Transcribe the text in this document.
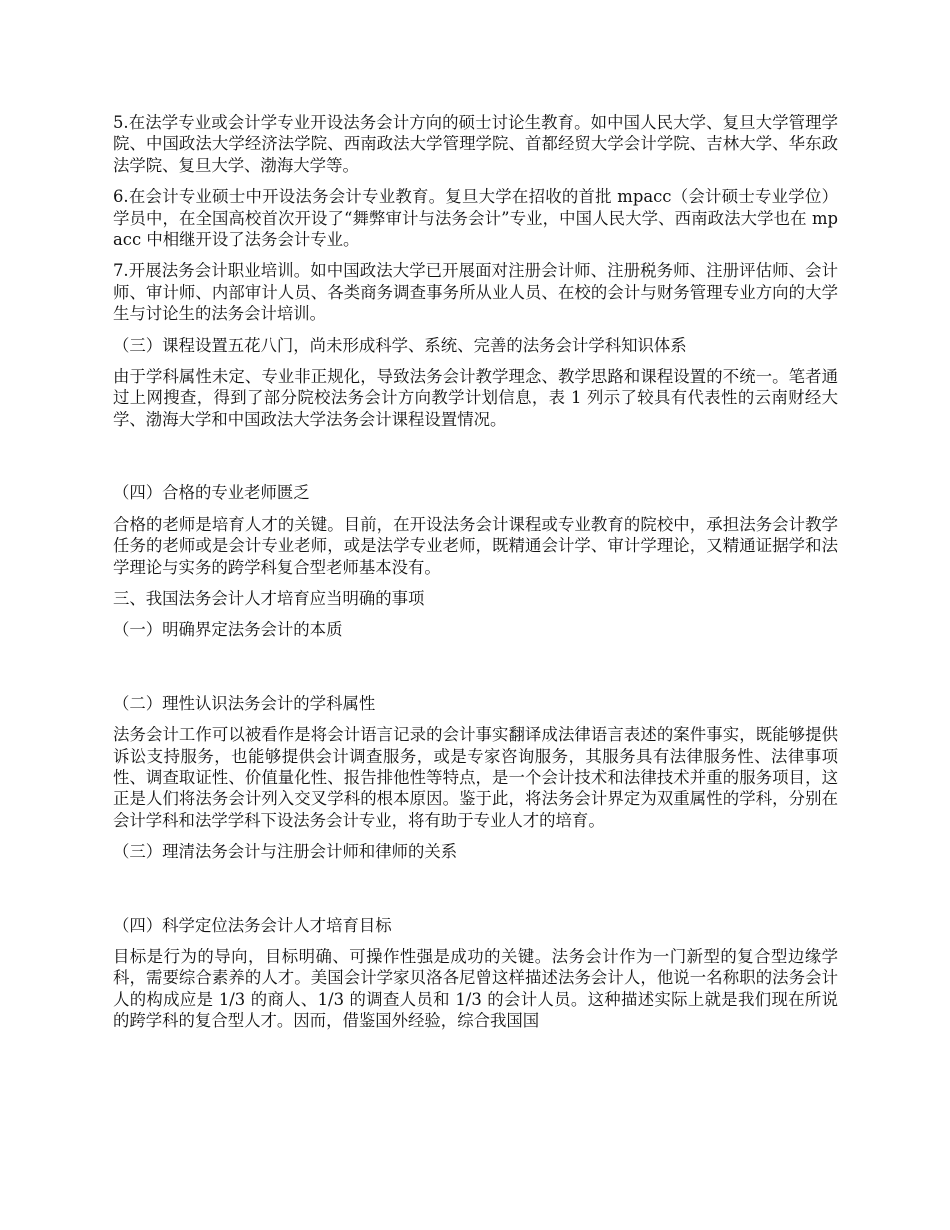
5.在法学专业或会计学专业开设法务会计方向的硕士讨论生教育。如中国人民大学、复旦大学管理学院、中国政法大学经济法学院、西南政法大学管理学院、首都经贸大学会计学院、吉林大学、华东政法学院、复旦大学、渤海大学等。

6.在会计专业硕士中开设法务会计专业教育。复旦大学在招收的首批 mpacc（会计硕士专业学位）学员中，在全国高校首次开设了“舞弊审计与法务会计”专业，中国人民大学、西南政法大学也在 mpacc 中相继开设了法务会计专业。

7.开展法务会计职业培训。如中国政法大学已开展面对注册会计师、注册税务师、注册评估师、会计师、审计师、内部审计人员、各类商务调查事务所从业人员、在校的会计与财务管理专业方向的大学生与讨论生的法务会计培训。

（三）课程设置五花八门，尚未形成科学、系统、完善的法务会计学科知识体系

由于学科属性未定、专业非正规化，导致法务会计教学理念、教学思路和课程设置的不统一。笔者通过上网搜查，得到了部分院校法务会计方向教学计划信息，表 1 列示了较具有代表性的云南财经大学、渤海大学和中国政法大学法务会计课程设置情况。

（四）合格的专业老师匮乏

合格的老师是培育人才的关键。目前，在开设法务会计课程或专业教育的院校中，承担法务会计教学任务的老师或是会计专业老师，或是法学专业老师，既精通会计学、审计学理论，又精通证据学和法学理论与实务的跨学科复合型老师基本没有。

三、我国法务会计人才培育应当明确的事项

（一）明确界定法务会计的本质

（二）理性认识法务会计的学科属性

法务会计工作可以被看作是将会计语言记录的会计事实翻译成法律语言表述的案件事实，既能够提供诉讼支持服务，也能够提供会计调查服务，或是专家咨询服务，其服务具有法律服务性、法律事项性、调查取证性、价值量化性、报告排他性等特点，是一个会计技术和法律技术并重的服务项目，这正是人们将法务会计列入交叉学科的根本原因。鉴于此，将法务会计界定为双重属性的学科，分别在会计学科和法学学科下设法务会计专业，将有助于专业人才的培育。

（三）理清法务会计与注册会计师和律师的关系

（四）科学定位法务会计人才培育目标

目标是行为的导向，目标明确、可操作性强是成功的关键。法务会计作为一门新型的复合型边缘学科，需要综合素养的人才。美国会计学家贝洛各尼曾这样描述法务会计人，他说一名称职的法务会计人的构成应是 1/3 的商人、1/3 的调查人员和 1/3 的会计人员。这种描述实际上就是我们现在所说的跨学科的复合型人才。因而，借鉴国外经验，综合我国国
